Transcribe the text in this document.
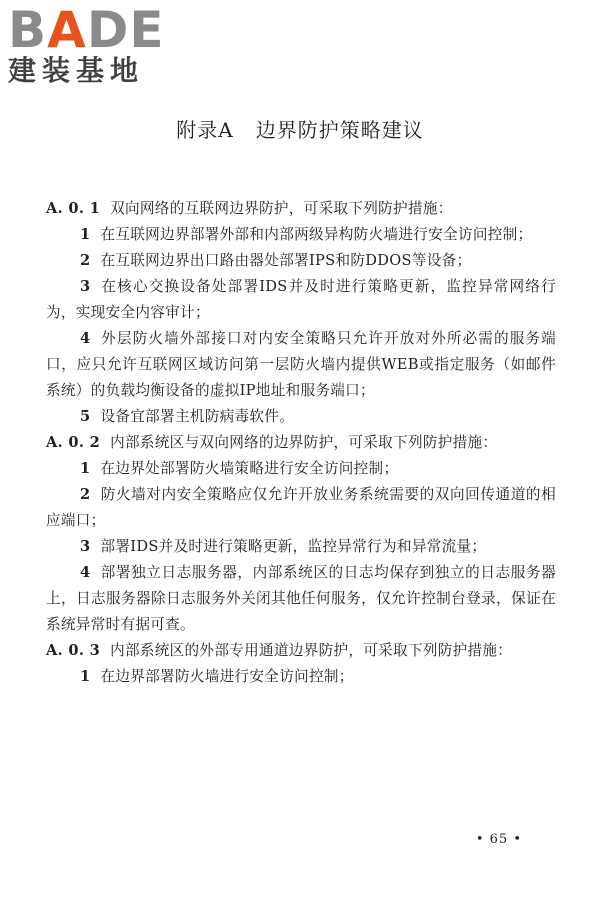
BADE
建装基地
附录A 边界防护策略建议

A. 0. 1 双向网络的互联网边界防护，可采取下列防护措施：

1 在互联网边界部署外部和内部两级异构防火墙进行安全访问控制；

2 在互联网边界出口路由器处部署IPS和防DDOS等设备；

3 在核心交换设备处部署IDS并及时进行策略更新，监控异常网络行为，实现安全内容审计；

4 外层防火墙外部接口对内安全策略只允许开放对外所必需的服务端口，应只允许互联网区域访问第一层防火墙内提供WEB或指定服务（如邮件系统）的负载均衡设备的虚拟IP地址和服务端口；

5 设备宜部署主机防病毒软件。

A. 0. 2 内部系统区与双向网络的边界防护，可采取下列防护措施：

1 在边界处部署防火墙策略进行安全访问控制；

2 防火墙对内安全策略应仅允许开放业务系统需要的双向回传通道的相应端口；

3 部署IDS并及时进行策略更新，监控异常行为和异常流量；

4 部署独立日志服务器，内部系统区的日志均保存到独立的日志服务器上，日志服务器除日志服务外关闭其他任何服务，仅允许控制台登录，保证在系统异常时有据可查。

A. 0. 3 内部系统区的外部专用通道边界防护，可采取下列防护措施：

1 在边界部署防火墙进行安全访问控制；

• 65 •
